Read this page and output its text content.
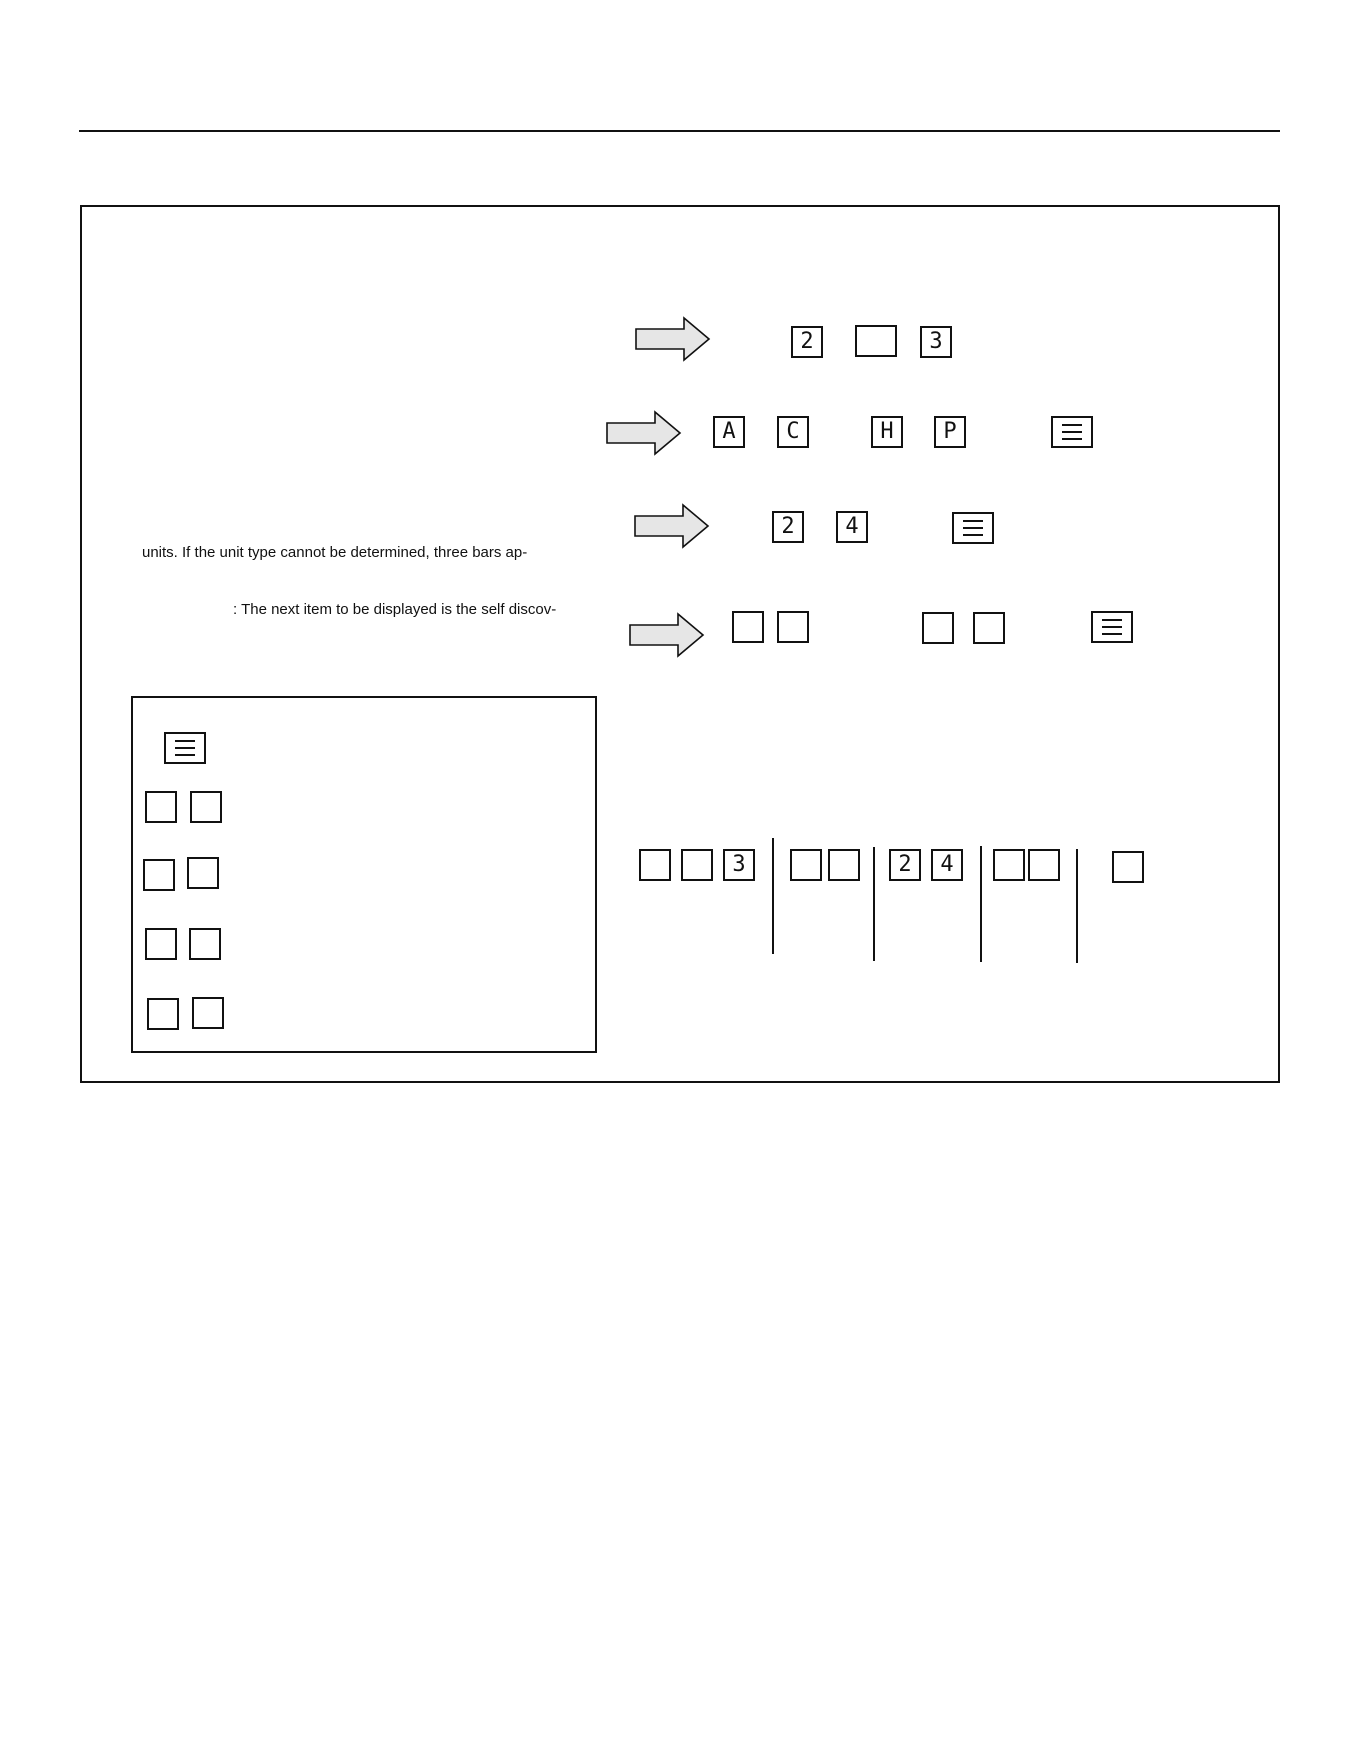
units. If the unit type cannot be determined, three bars ap-
: The next item to be displayed is the self discov-
2	3
A	C	H	P
2	4
3	2	4
